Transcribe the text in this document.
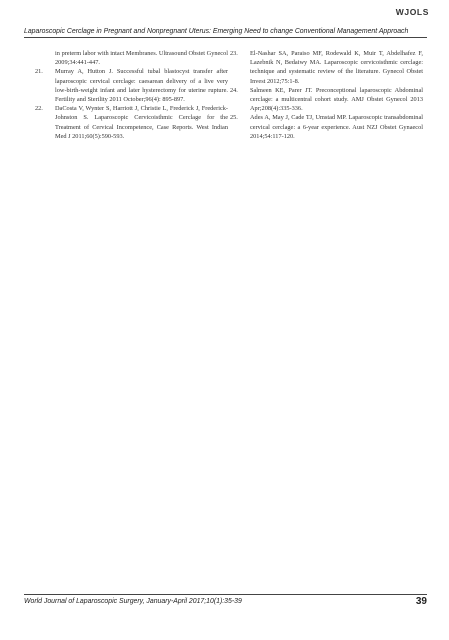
WJOLS
Laparoscopic Cerclage in Pregnant and Nonpregnant Uterus: Emerging Need to change Conventional Management Approach
in preterm labor with intact Membranes. Ultrasound Obstet Gynecol 2009;34:441-447.
21. Murray A, Hutton J. Successful tubal blastocyst transfer after laparoscopic cervical cerclage: caesarean delivery of a live very low-birth-weight infant and later hysterectomy for uterine rupture. Fertility and Sterility 2011 October;96(4): 895-897.
22. DaCosta V, Wynter S, Harriott J, Christie L, Frederick J, Frederick-Johnston S. Laparoscopic Cervicoisthmic Cerclage for the Treatment of Cervical Incompetence, Case Reports. West Indian Med J 2011;60(5):590-593.
23. El-Nashar SA, Paraiso MF, Rodewald K, Muir T, Abdelhafez F, Lazebnik N, Bedaiwy MA. Laparoscopic cervicoisthmic cerclage: technique and systematic review of the literature. Gynecol Obstet Invest 2012;75:1-8.
24. Salmeen KE, Parer JT. Preconceptional laparoscopic Abdominal cerclage: a multicentral cohort study. AMJ Obstet Gynecol 2013 Apr;208(4):335-336.
25. Ades A, May J, Cade TJ, Umstad MP. Laparoscopic transabdominal cervical cerclage: a 6-year experience. Aust NZJ Obstet Gynaecol 2014;54:117-120.
World Journal of Laparoscopic Surgery, January-April 2017;10(1):35-39	39
